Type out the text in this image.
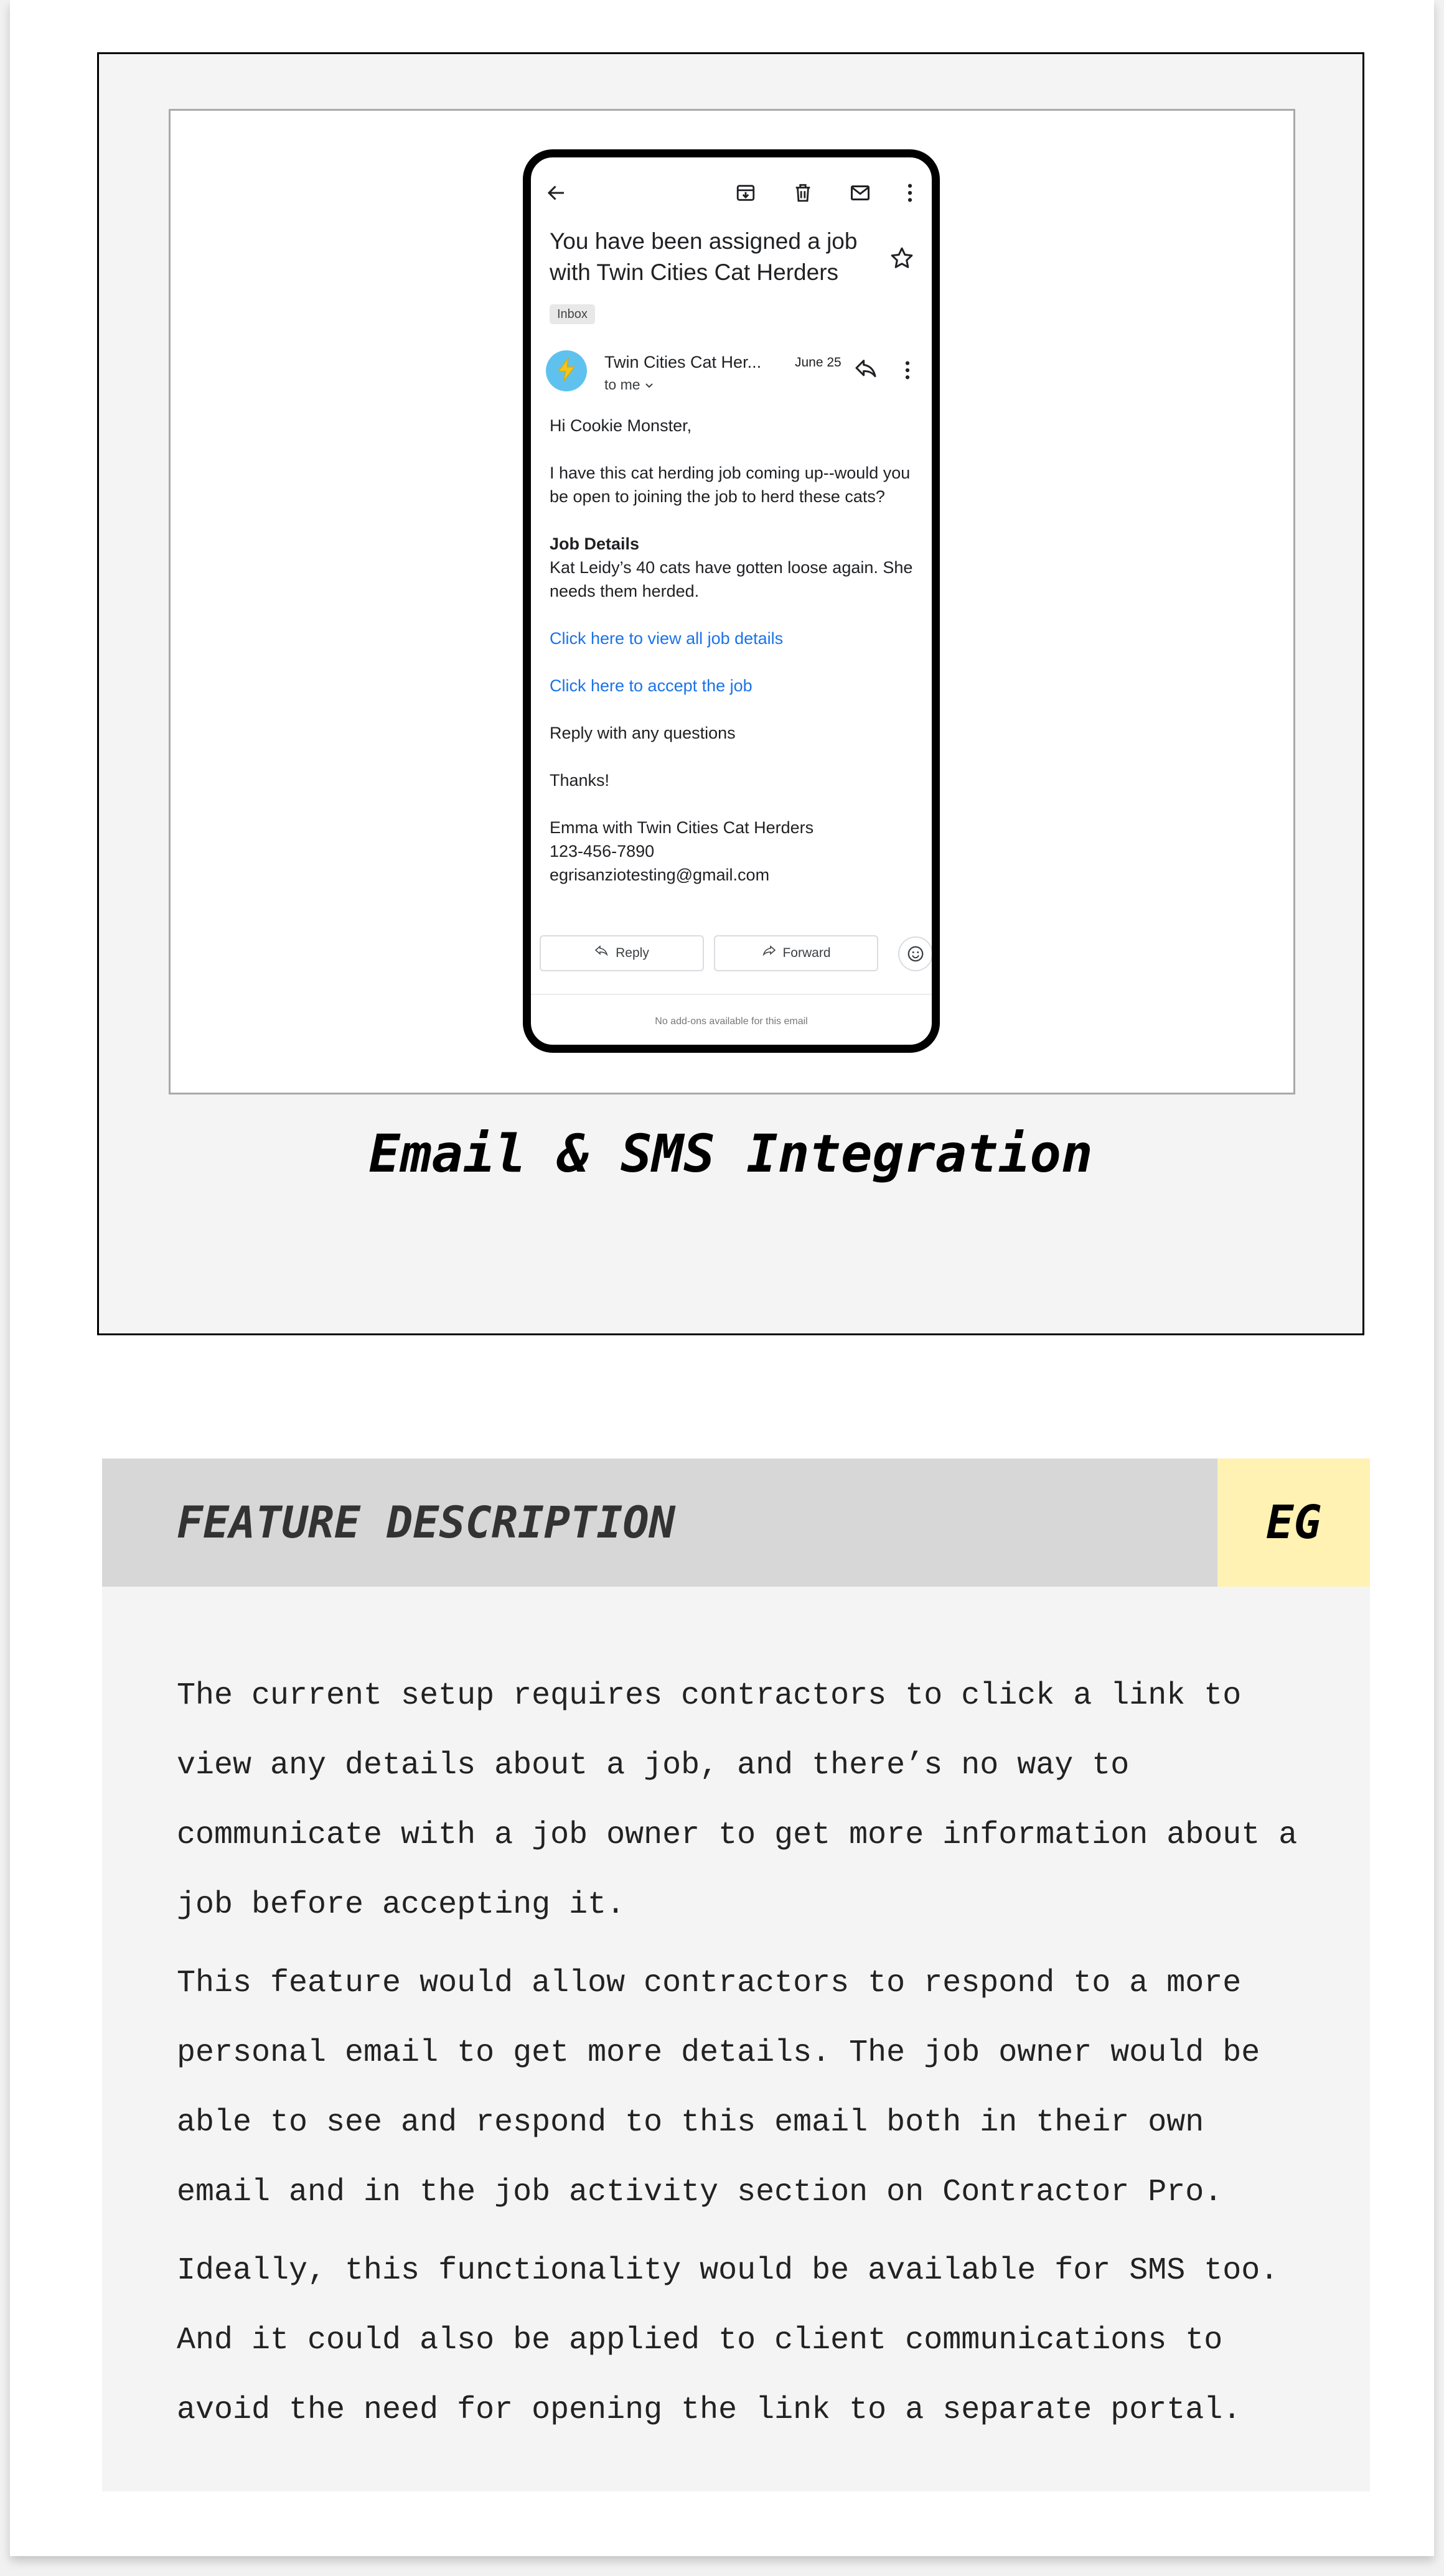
You have been assigned a job with Twin Cities Cat Herders
Inbox
Twin Cities Cat Her...	June 25
to me

Hi Cookie Monster,

I have this cat herding job coming up--would you be open to joining the job to herd these cats?

Job Details
Kat Leidy’s 40 cats have gotten loose again. She needs them herded.

Click here to view all job details

Click here to accept the job

Reply with any questions

Thanks!

Emma with Twin Cities Cat Herders
123-456-7890
egrisanziotesting@gmail.com

Reply	Forward
No add-ons available for this email
Email & SMS Integration
FEATURE DESCRIPTION	EG

The current setup requires contractors to click a link to view any details about a job, and there’s no way to communicate with a job owner to get more information about a job before accepting it.

This feature would allow contractors to respond to a more personal email to get more details. The job owner would be able to see and respond to this email both in their own email and in the job activity section on Contractor Pro.

Ideally, this functionality would be available for SMS too. And it could also be applied to client communications to avoid the need for opening the link to a separate portal.
